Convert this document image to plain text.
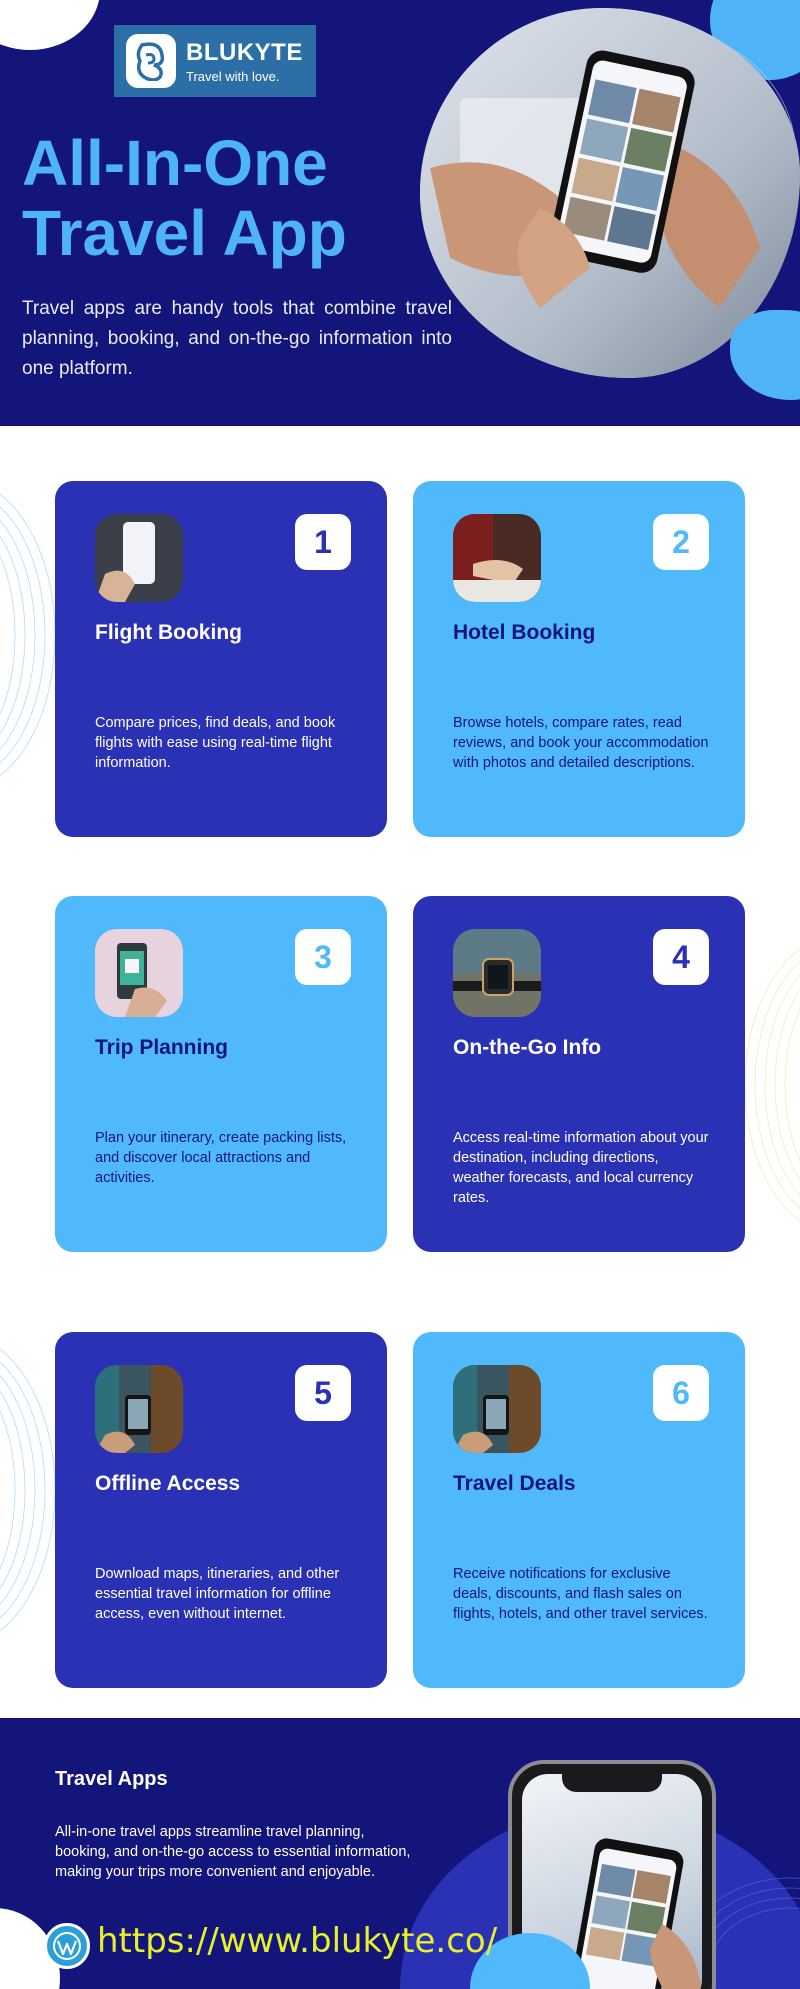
BLUKYTE
Travel with love.
All-In-One
Travel App

Travel apps are handy tools that combine travel planning, booking, and on-the-go information into one platform.

1
Flight Booking
Compare prices, find deals, and book flights with ease using real-time flight information.
2
Hotel Booking
Browse hotels, compare rates, read reviews, and book your accommodation with photos and detailed descriptions.
3
Trip Planning
Plan your itinerary, create packing lists, and discover local attractions and activities.
4
On-the-Go Info
Access real-time information about your destination, including directions, weather forecasts, and local currency rates.
5
Offline Access
Download maps, itineraries, and other essential travel information for offline access, even without internet.
6
Travel Deals
Receive notifications for exclusive deals, discounts, and flash sales on flights, hotels, and other travel services.
Travel Apps

All-in-one travel apps streamline travel planning, booking, and on-the-go access to essential information, making your trips more convenient and enjoyable.

https://www.blukyte.co/
